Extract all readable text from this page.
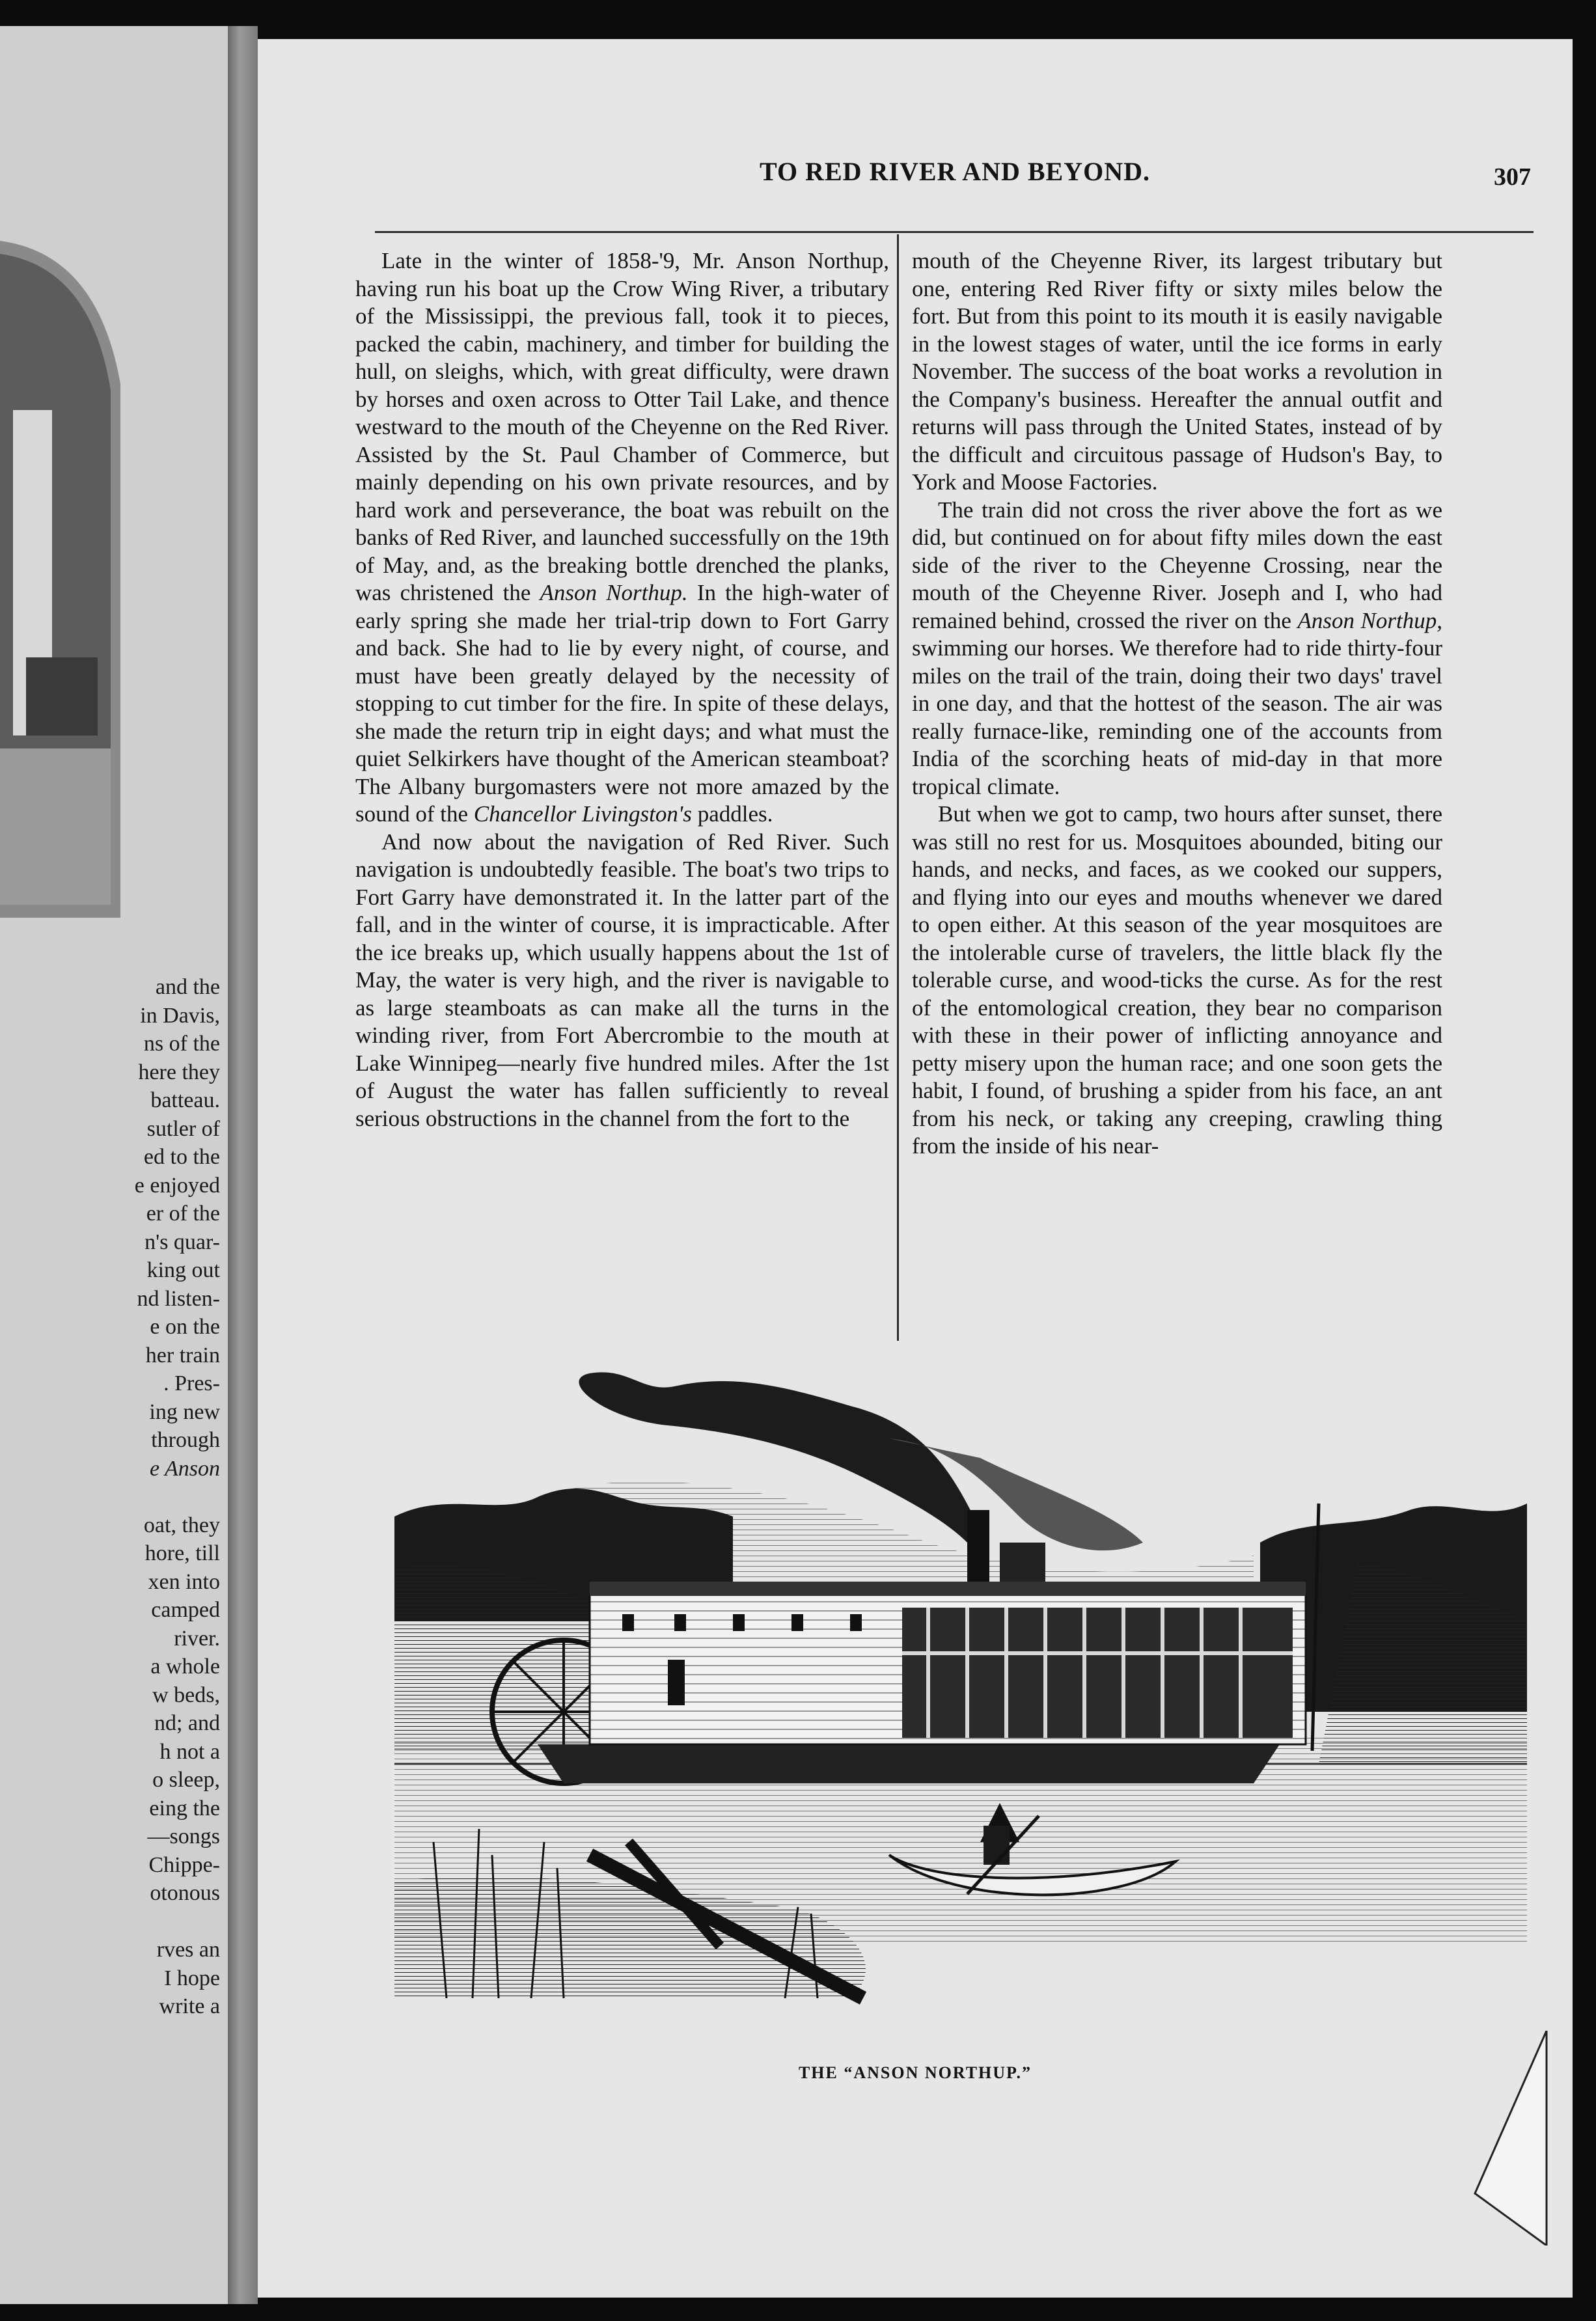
and the
in Davis,
ns of the
here they
batteau.
sutler of
ed to the
e enjoyed
er of the
n's quar-
king out
nd listen-
e on the
her train
. Pres-
ing new
through
e Anson
oat, they
hore, till
xen into
camped
river.
a whole
w beds,
nd; and
h not a
o sleep,
eing the
—songs
Chippe-
otonous
rves an
I hope
write a
TO RED RIVER AND BEYOND.	307

Late in the winter of 1858-'9, Mr. Anson Northup, having run his boat up the Crow Wing River, a tributary of the Mississippi, the previous fall, took it to pieces, packed the cabin, machinery, and timber for building the hull, on sleighs, which, with great difficulty, were drawn by horses and oxen across to Otter Tail Lake, and thence westward to the mouth of the Cheyenne on the Red River. Assisted by the St. Paul Chamber of Commerce, but mainly depending on his own private resources, and by hard work and perseverance, the boat was rebuilt on the banks of Red River, and launched successfully on the 19th of May, and, as the breaking bottle drenched the planks, was christened the Anson Northup. In the high-water of early spring she made her trial-trip down to Fort Garry and back. She had to lie by every night, of course, and must have been greatly delayed by the necessity of stopping to cut timber for the fire. In spite of these delays, she made the return trip in eight days; and what must the quiet Selkirkers have thought of the American steamboat? The Albany burgomasters were not more amazed by the sound of the Chancellor Livingston's paddles.

And now about the navigation of Red River. Such navigation is undoubtedly feasible. The boat's two trips to Fort Garry have demonstrated it. In the latter part of the fall, and in the winter of course, it is impracticable. After the ice breaks up, which usually happens about the 1st of May, the water is very high, and the river is navigable to as large steamboats as can make all the turns in the winding river, from Fort Abercrombie to the mouth at Lake Winnipeg—nearly five hundred miles. After the 1st of August the water has fallen sufficiently to reveal serious obstructions in the channel from the fort to the

mouth of the Cheyenne River, its largest tributary but one, entering Red River fifty or sixty miles below the fort. But from this point to its mouth it is easily navigable in the lowest stages of water, until the ice forms in early November. The success of the boat works a revolution in the Company's business. Hereafter the annual outfit and returns will pass through the United States, instead of by the difficult and circuitous passage of Hudson's Bay, to York and Moose Factories.

The train did not cross the river above the fort as we did, but continued on for about fifty miles down the east side of the river to the Cheyenne Crossing, near the mouth of the Cheyenne River. Joseph and I, who had remained behind, crossed the river on the Anson Northup, swimming our horses. We therefore had to ride thirty-four miles on the trail of the train, doing their two days' travel in one day, and that the hottest of the season. The air was really furnace-like, reminding one of the accounts from India of the scorching heats of mid-day in that more tropical climate.

But when we got to camp, two hours after sunset, there was still no rest for us. Mosquitoes abounded, biting our hands, and necks, and faces, as we cooked our suppers, and flying into our eyes and mouths whenever we dared to open either. At this season of the year mosquitoes are the intolerable curse of travelers, the little black fly the tolerable curse, and wood-ticks the curse. As for the rest of the entomological creation, they bear no comparison with these in their power of inflicting annoyance and petty misery upon the human race; and one soon gets the habit, I found, of brushing a spider from his face, an ant from his neck, or taking any creeping, crawling thing from the inside of his near-

THE “ANSON NORTHUP.”
